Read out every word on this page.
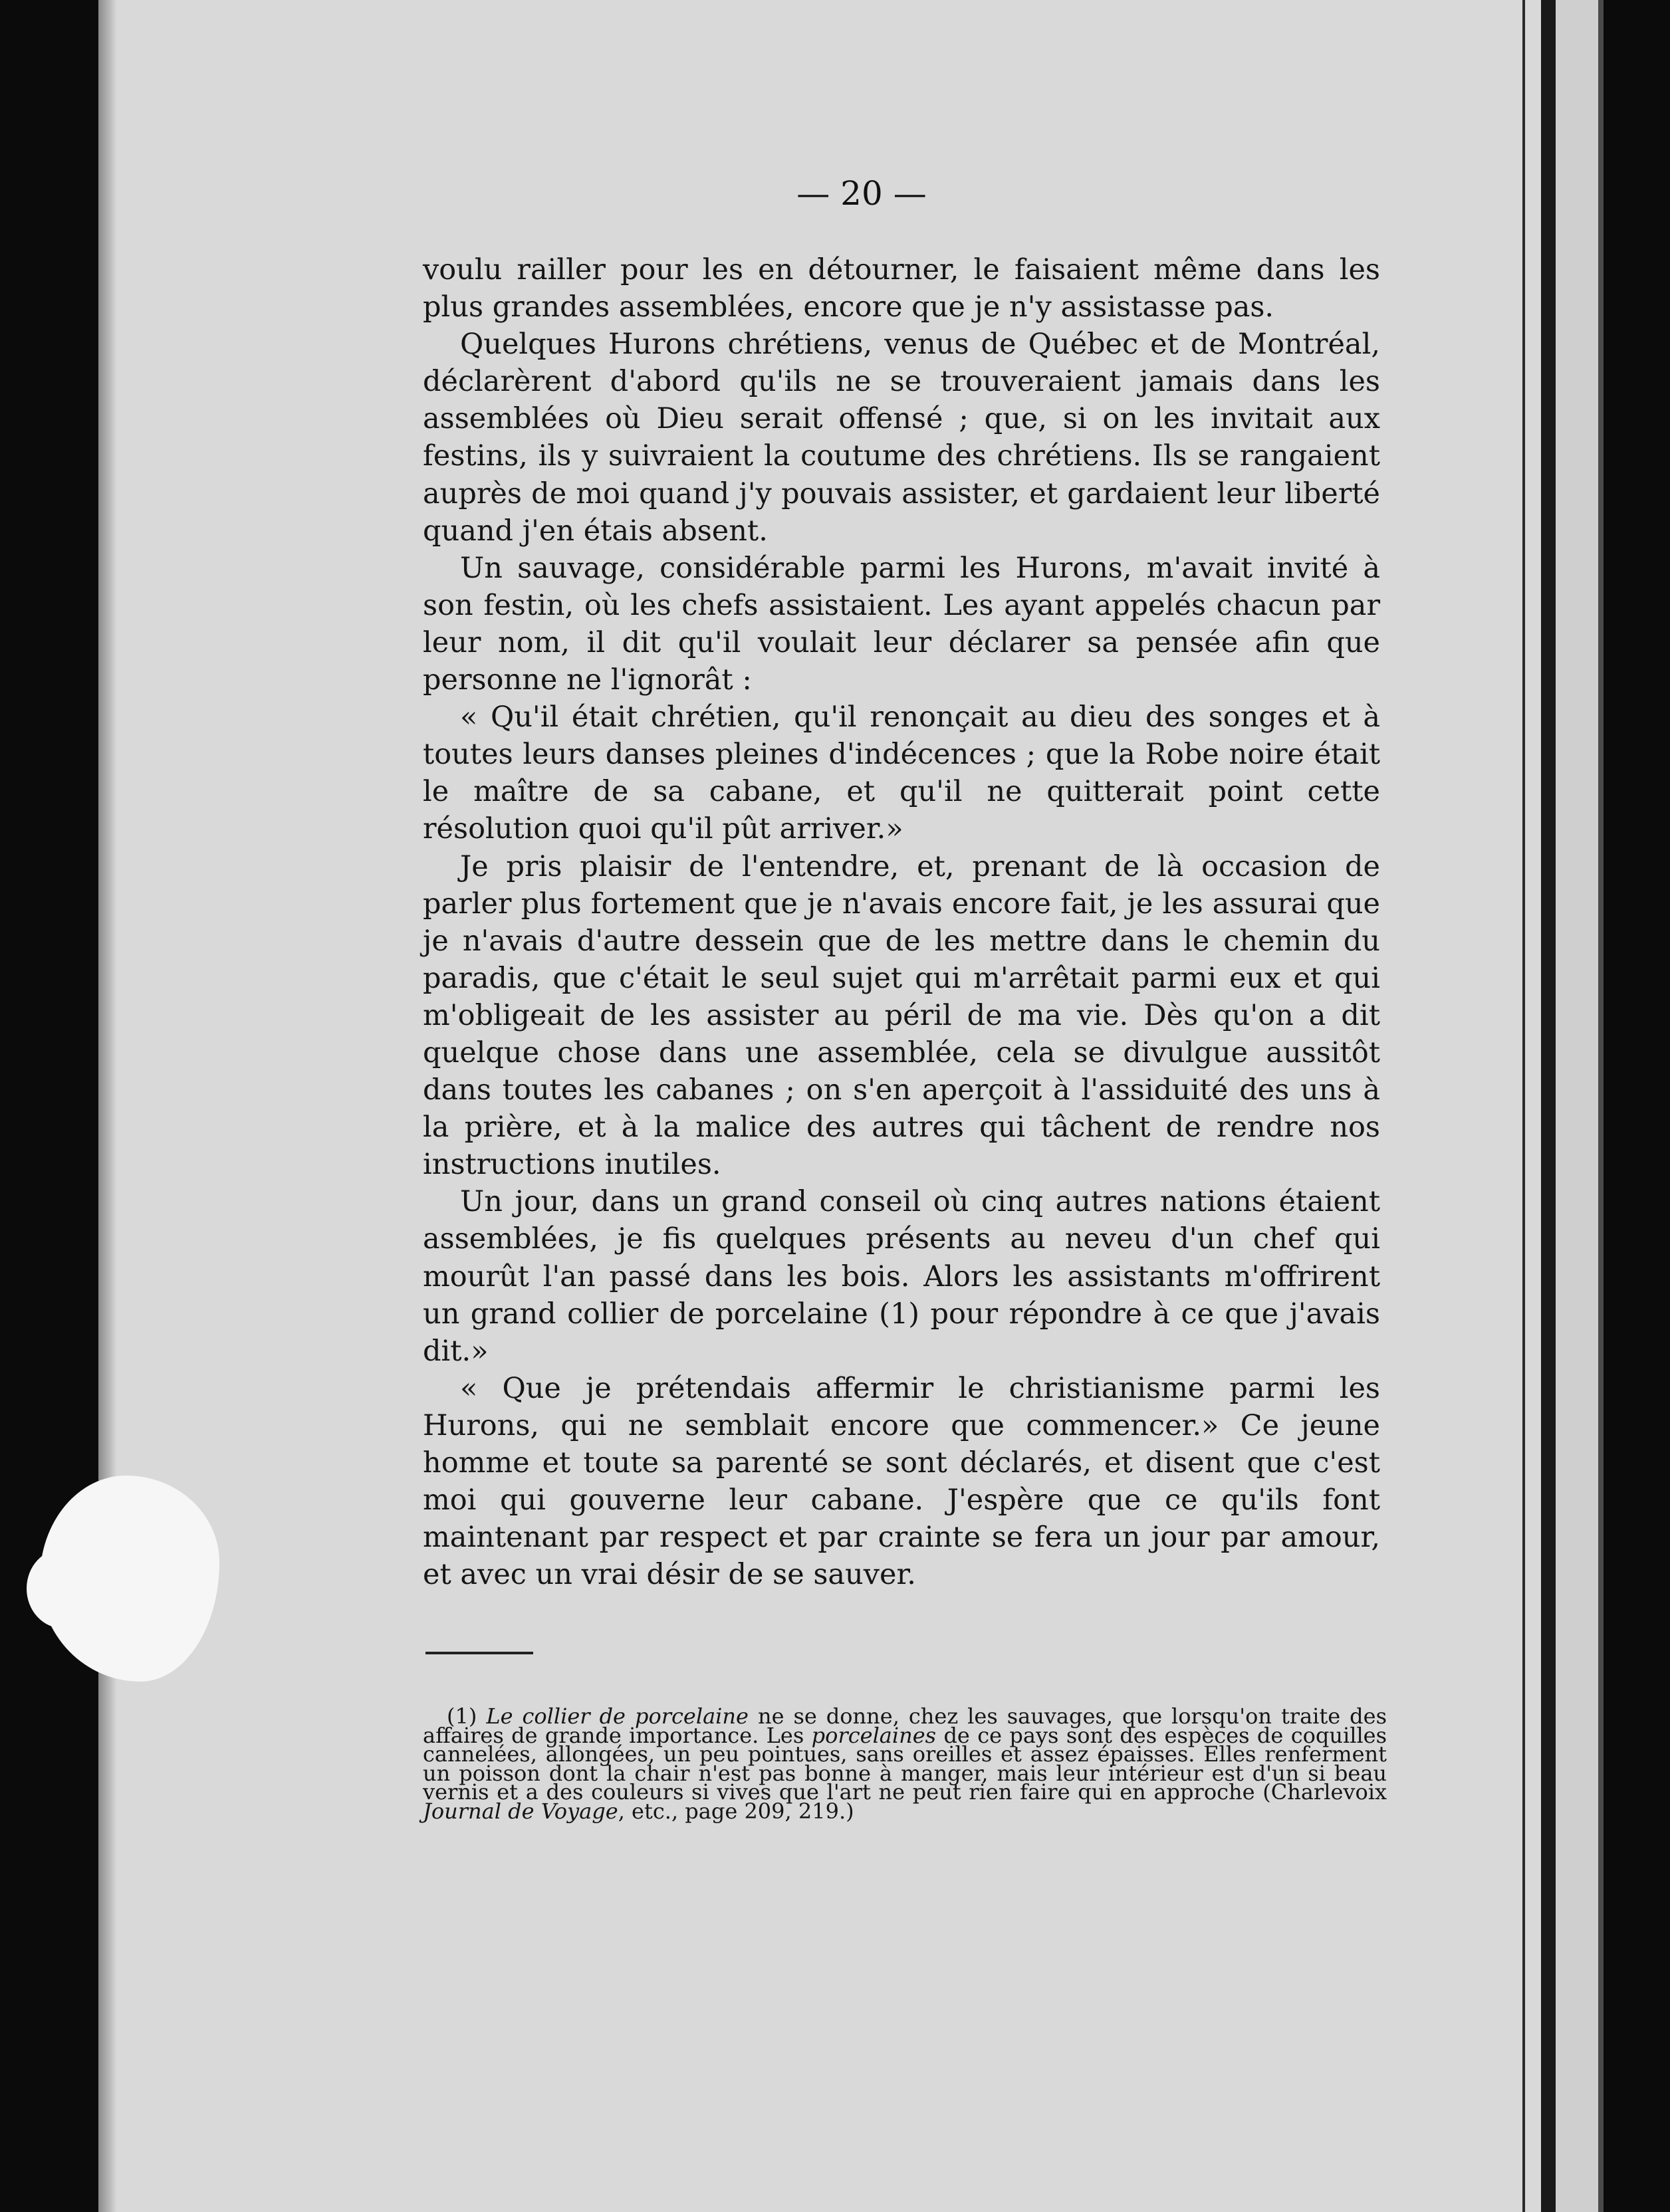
— 20 —

voulu railler pour les en détourner, le faisaient même dans les plus grandes assemblées, encore que je n'y assistasse pas.

Quelques Hurons chrétiens, venus de Québec et de Montréal, déclarèrent d'abord qu'ils ne se trouveraient jamais dans les assemblées où Dieu serait offensé ; que, si on les invitait aux festins, ils y suivraient la coutume des chrétiens. Ils se rangaient auprès de moi quand j'y pouvais assister, et gardaient leur liberté quand j'en étais absent.

Un sauvage, considérable parmi les Hurons, m'avait invité à son festin, où les chefs assistaient. Les ayant appelés chacun par leur nom, il dit qu'il voulait leur déclarer sa pensée afin que personne ne l'ignorât :

« Qu'il était chrétien, qu'il renonçait au dieu des songes et à toutes leurs danses pleines d'indécences ; que la Robe noire était le maître de sa cabane, et qu'il ne quitterait point cette résolution quoi qu'il pût arriver.»

Je pris plaisir de l'entendre, et, prenant de là occasion de parler plus fortement que je n'avais encore fait, je les assurai que je n'avais d'autre dessein que de les mettre dans le chemin du paradis, que c'était le seul sujet qui m'arrêtait parmi eux et qui m'obligeait de les assister au péril de ma vie. Dès qu'on a dit quelque chose dans une assemblée, cela se divulgue aussitôt dans toutes les cabanes ; on s'en aperçoit à l'assiduité des uns à la prière, et à la malice des autres qui tâchent de rendre nos instructions inutiles.

Un jour, dans un grand conseil où cinq autres nations étaient assemblées, je fis quelques présents au neveu d'un chef qui mourût l'an passé dans les bois. Alors les assistants m'offrirent un grand collier de porcelaine (1) pour répondre à ce que j'avais dit.»

« Que je prétendais affermir le christianisme parmi les Hurons, qui ne semblait encore que commencer.» Ce jeune homme et toute sa parenté se sont déclarés, et disent que c'est moi qui gouverne leur cabane. J'espère que ce qu'ils font maintenant par respect et par crainte se fera un jour par amour, et avec un vrai désir de se sauver.

(1) Le collier de porcelaine ne se donne, chez les sauvages, que lorsqu'on traite des affaires de grande importance. Les porcelaines de ce pays sont des espèces de coquilles cannelées, allongées, un peu pointues, sans oreilles et assez épaisses. Elles renferment un poisson dont la chair n'est pas bonne à manger, mais leur intérieur est d'un si beau vernis et a des couleurs si vives que l'art ne peut rien faire qui en approche (Charlevoix Journal de Voyage, etc., page 209, 219.)
